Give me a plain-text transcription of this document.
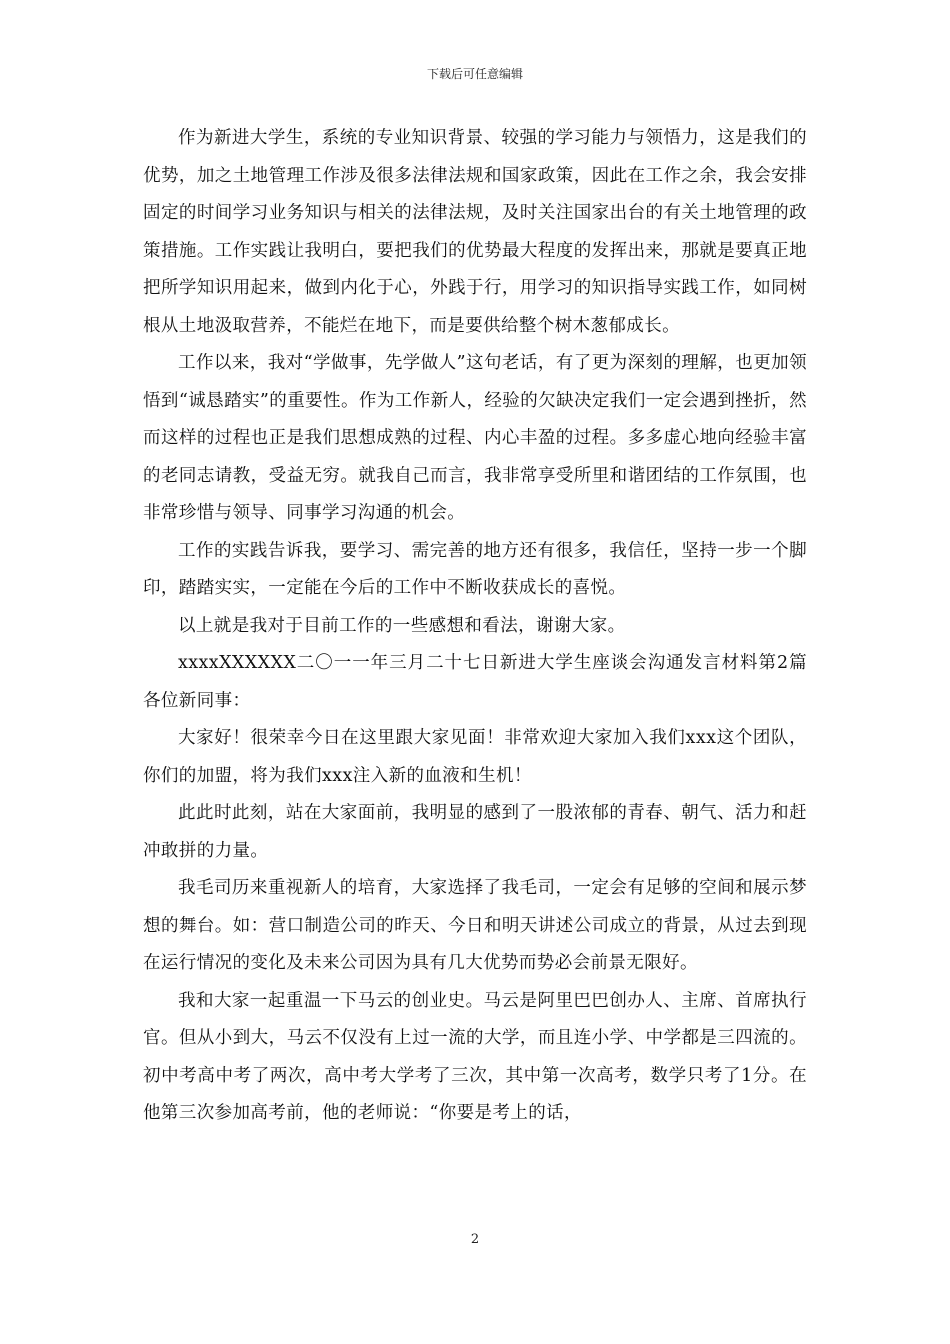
下载后可任意编辑

作为新进大学生，系统的专业知识背景、较强的学习能力与领悟力，这是我们的优势，加之土地管理工作涉及很多法律法规和国家政策，因此在工作之余，我会安排固定的时间学习业务知识与相关的法律法规，及时关注国家出台的有关土地管理的政策措施。工作实践让我明白，要把我们的优势最大程度的发挥出来，那就是要真正地把所学知识用起来，做到内化于心，外践于行，用学习的知识指导实践工作，如同树根从土地汲取营养，不能烂在地下，而是要供给整个树木葱郁成长。

工作以来，我对“学做事，先学做人”这句老话，有了更为深刻的理解，也更加领悟到“诚恳踏实”的重要性。作为工作新人，经验的欠缺决定我们一定会遇到挫折，然而这样的过程也正是我们思想成熟的过程、内心丰盈的过程。多多虚心地向经验丰富的老同志请教，受益无穷。就我自己而言，我非常享受所里和谐团结的工作氛围，也非常珍惜与领导、同事学习沟通的机会。

工作的实践告诉我，要学习、需完善的地方还有很多，我信任，坚持一步一个脚印，踏踏实实，一定能在今后的工作中不断收获成长的喜悦。

以上就是我对于目前工作的一些感想和看法，谢谢大家。

xxxxXXXXXX二〇一一年三月二十七日新进大学生座谈会沟通发言材料第2篇各位新同事：

大家好！很荣幸今日在这里跟大家见面！非常欢迎大家加入我们xxx这个团队，你们的加盟，将为我们xxx注入新的血液和生机！

此此时此刻，站在大家面前，我明显的感到了一股浓郁的青春、朝气、活力和赶冲敢拼的力量。

我毛司历来重视新人的培育，大家选择了我毛司，一定会有足够的空间和展示梦想的舞台。如：营口制造公司的昨天、今日和明天讲述公司成立的背景，从过去到现在运行情况的变化及未来公司因为具有几大优势而势必会前景无限好。

我和大家一起重温一下马云的创业史。马云是阿里巴巴创办人、主席、首席执行官。但从小到大，马云不仅没有上过一流的大学，而且连小学、中学都是三四流的。初中考高中考了两次，高中考大学考了三次，其中第一次高考，数学只考了1分。在他第三次参加高考前，他的老师说：“你要是考上的话，

2
